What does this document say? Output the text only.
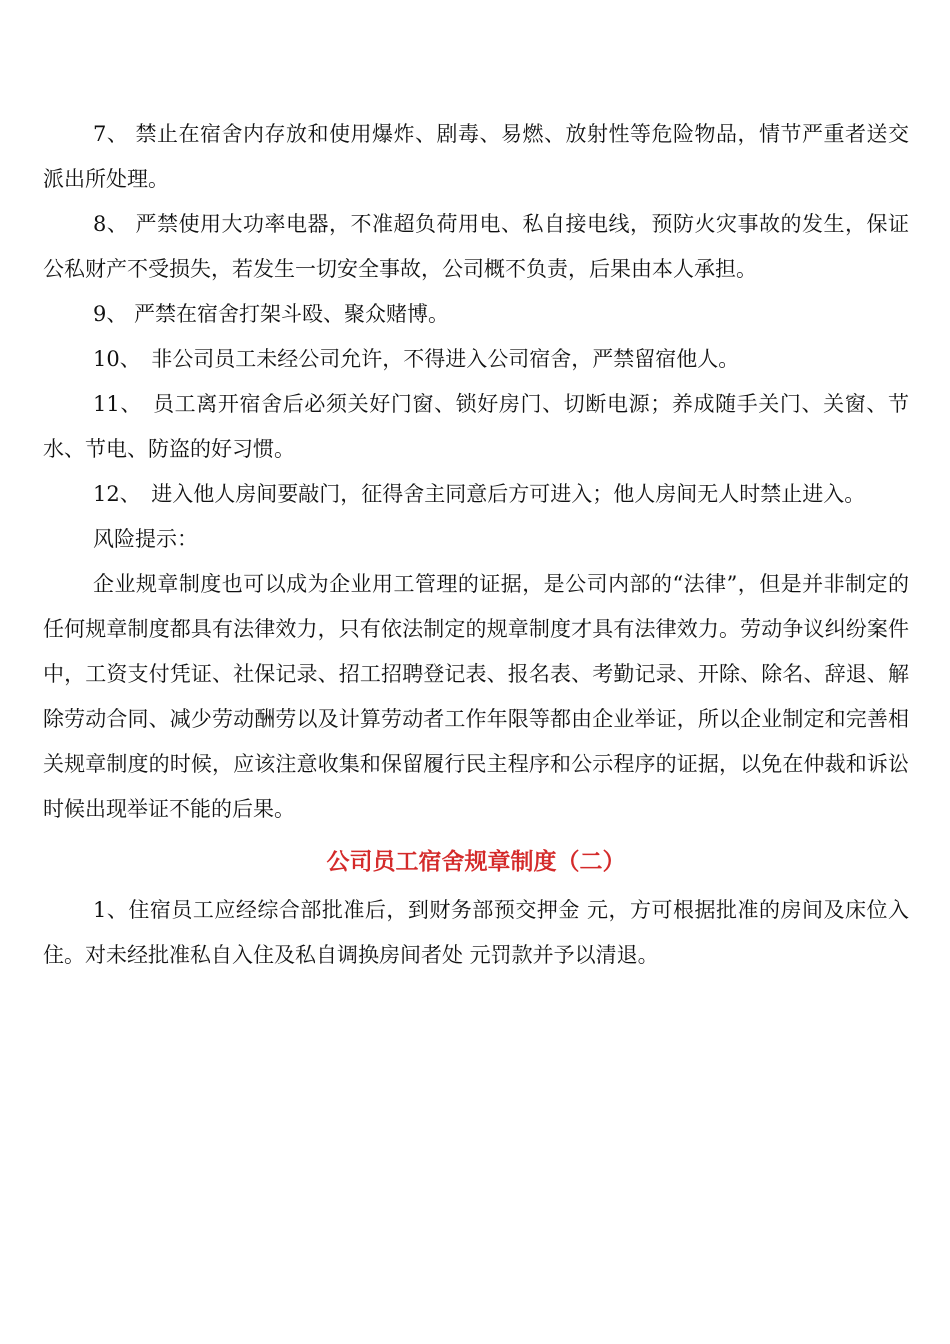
7、 禁止在宿舍内存放和使用爆炸、剧毒、易燃、放射性等危险物品，情节严重者送交派出所处理。

8、 严禁使用大功率电器，不准超负荷用电、私自接电线，预防火灾事故的发生，保证公私财产不受损失，若发生一切安全事故，公司概不负责，后果由本人承担。

9、 严禁在宿舍打架斗殴、聚众赌博。

10、　非公司员工未经公司允许，不得进入公司宿舍，严禁留宿他人。

11、　员工离开宿舍后必须关好门窗、锁好房门、切断电源；养成随手关门、关窗、节水、节电、防盗的好习惯。

12、　进入他人房间要敲门，征得舍主同意后方可进入；他人房间无人时禁止进入。

风险提示：

企业规章制度也可以成为企业用工管理的证据，是公司内部的“法律”，但是并非制定的任何规章制度都具有法律效力，只有依法制定的规章制度才具有法律效力。劳动争议纠纷案件中，工资支付凭证、社保记录、招工招聘登记表、报名表、考勤记录、开除、除名、辞退、解除劳动合同、减少劳动酬劳以及计算劳动者工作年限等都由企业举证，所以企业制定和完善相关规章制度的时候，应该注意收集和保留履行民主程序和公示程序的证据，以免在仲裁和诉讼时候出现举证不能的后果。

公司员工宿舍规章制度（二）

1、住宿员工应经综合部批准后，到财务部预交押金 元，方可根据批准的房间及床位入住。对未经批准私自入住及私自调换房间者处 元罚款并予以清退。
